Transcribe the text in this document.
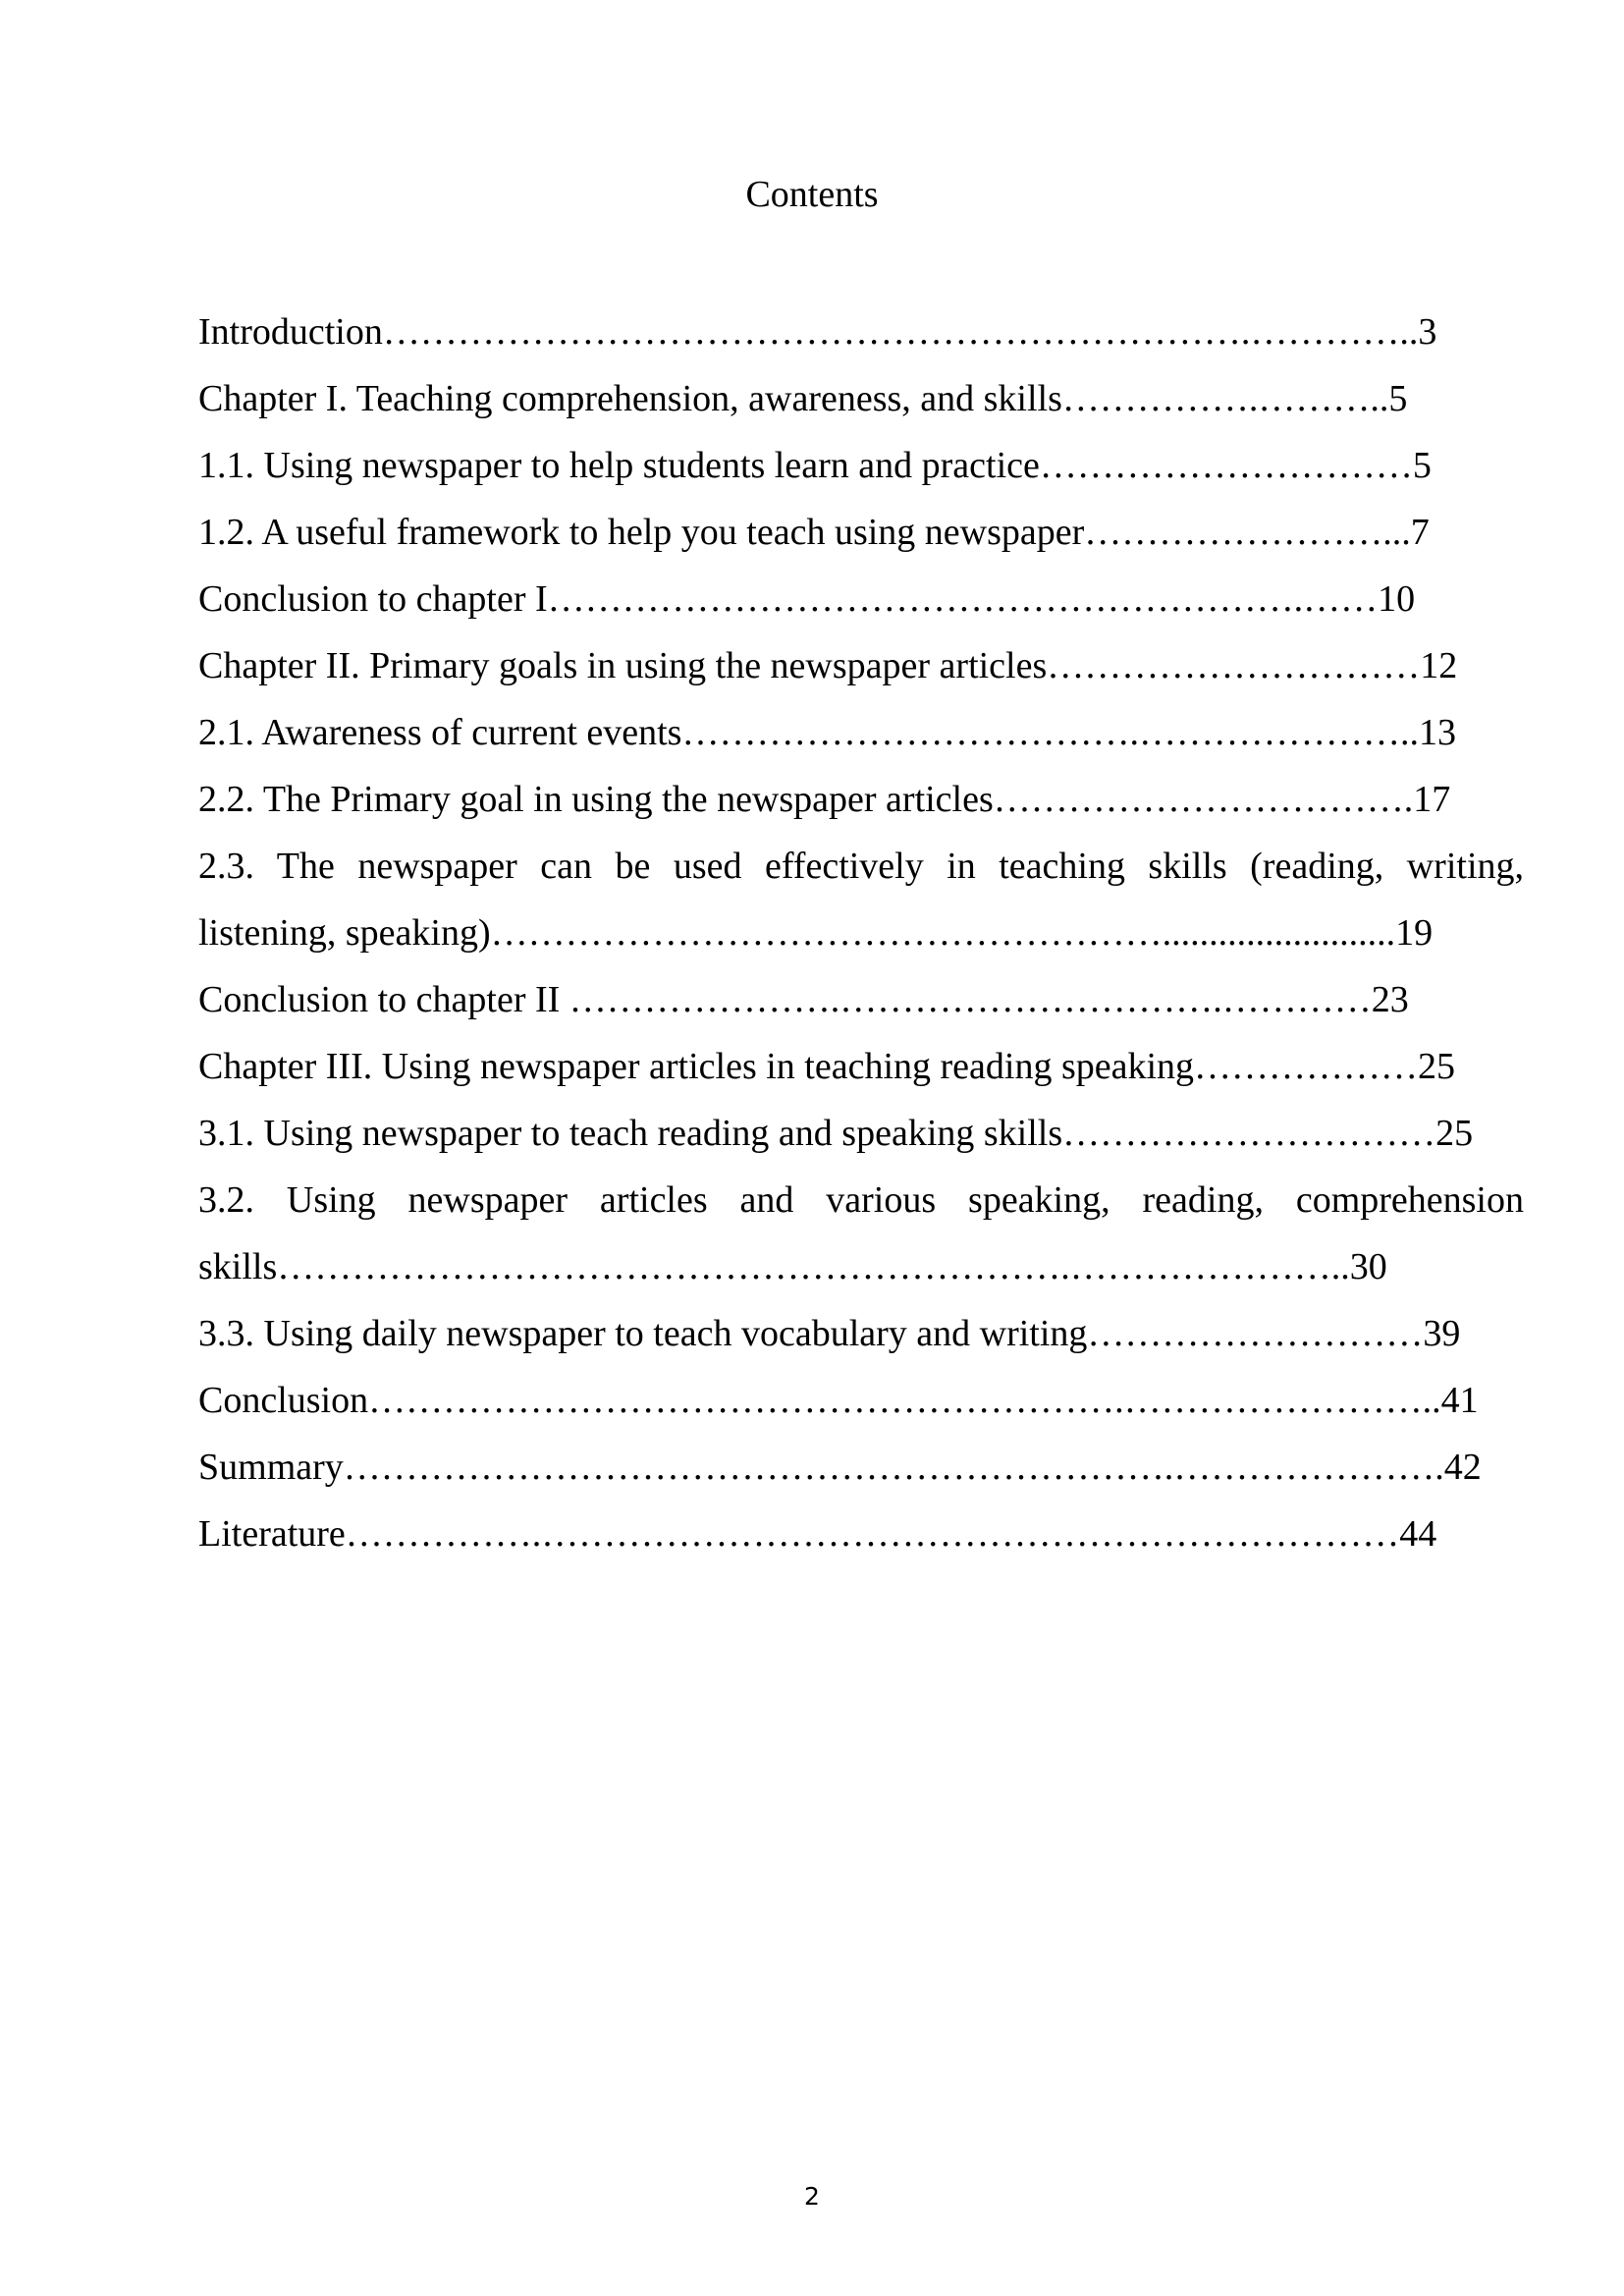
Contents
Introduction…………………………………………………………….…………..3
Chapter I. Teaching comprehension, awareness, and skills…………….………..5
1.1. Using newspaper to help students learn and practice…………………………5
1.2. A useful framework to help you teach using newspaper……………………...7
Conclusion to chapter I…………………………………………………….……10
Chapter II. Primary goals in using the newspaper articles…………………………12
2.1. Awareness of current events……………………………….…………………..13
2.2. The Primary goal in using the newspaper articles…………………………….17
2.3. The newspaper can be used effectively in teaching skills (reading, writing,
listening, speaking)……………………………………………….........................19
Conclusion to chapter II ………………….………………………….…………23
Chapter III. Using newspaper articles in teaching reading speaking………………25
3.1. Using newspaper to teach reading and speaking skills…………………………25
3.2. Using newspaper articles and various speaking, reading, comprehension
skills……………………………………………………….…………………..30
3.3. Using daily newspaper to teach vocabulary and writing………………………39
Conclusion…………………………………………………….……………………..41
Summary………………………………………………………….………………….42
Literature…………….……………………………………………………………44
2
